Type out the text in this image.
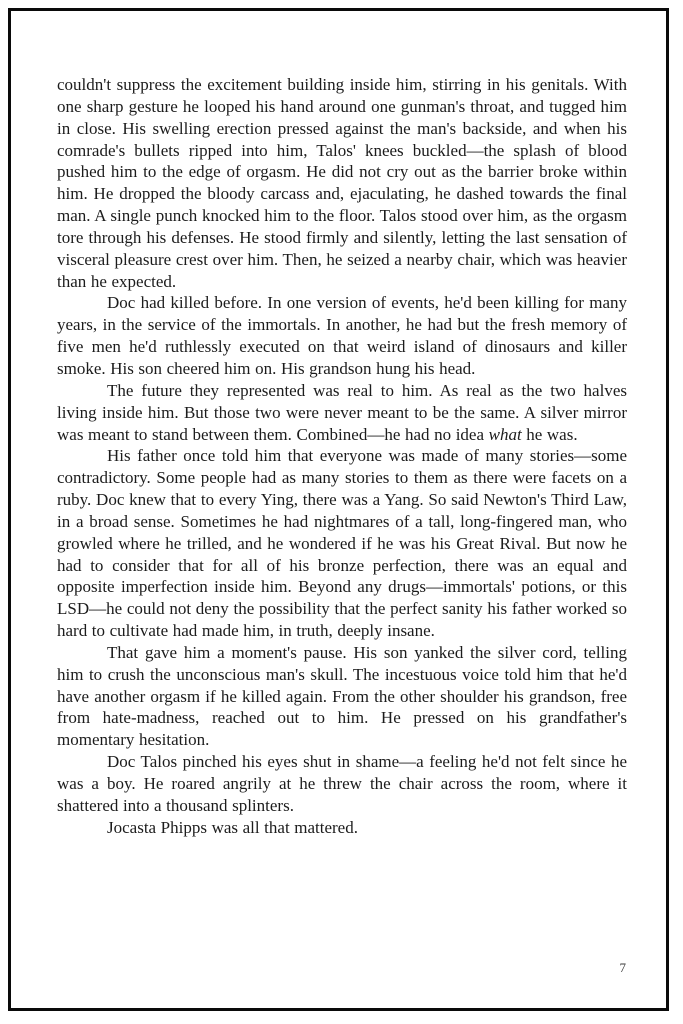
couldn't suppress the excitement building inside him, stirring in his genitals. With one sharp gesture he looped his hand around one gunman's throat, and tugged him in close. His swelling erection pressed against the man's backside, and when his comrade's bullets ripped into him, Talos' knees buckled—the splash of blood pushed him to the edge of orgasm. He did not cry out as the barrier broke within him. He dropped the bloody carcass and, ejaculating, he dashed towards the final man. A single punch knocked him to the floor. Talos stood over him, as the orgasm tore through his defenses. He stood firmly and silently, letting the last sensation of visceral pleasure crest over him. Then, he seized a nearby chair, which was heavier than he expected.

Doc had killed before. In one version of events, he'd been killing for many years, in the service of the immortals. In another, he had but the fresh memory of five men he'd ruthlessly executed on that weird island of dinosaurs and killer smoke. His son cheered him on. His grandson hung his head.

The future they represented was real to him. As real as the two halves living inside him. But those two were never meant to be the same. A silver mirror was meant to stand between them. Combined—he had no idea what he was.

His father once told him that everyone was made of many stories—some contradictory. Some people had as many stories to them as there were facets on a ruby. Doc knew that to every Ying, there was a Yang. So said Newton's Third Law, in a broad sense. Sometimes he had nightmares of a tall, long-fingered man, who growled where he trilled, and he wondered if he was his Great Rival. But now he had to consider that for all of his bronze perfection, there was an equal and opposite imperfection inside him. Beyond any drugs—immortals' potions, or this LSD—he could not deny the possibility that the perfect sanity his father worked so hard to cultivate had made him, in truth, deeply insane.

That gave him a moment's pause. His son yanked the silver cord, telling him to crush the unconscious man's skull. The incestuous voice told him that he'd have another orgasm if he killed again. From the other shoulder his grandson, free from hate-madness, reached out to him. He pressed on his grandfather's momentary hesitation.

Doc Talos pinched his eyes shut in shame—a feeling he'd not felt since he was a boy. He roared angrily at he threw the chair across the room, where it shattered into a thousand splinters.

Jocasta Phipps was all that mattered.

7
